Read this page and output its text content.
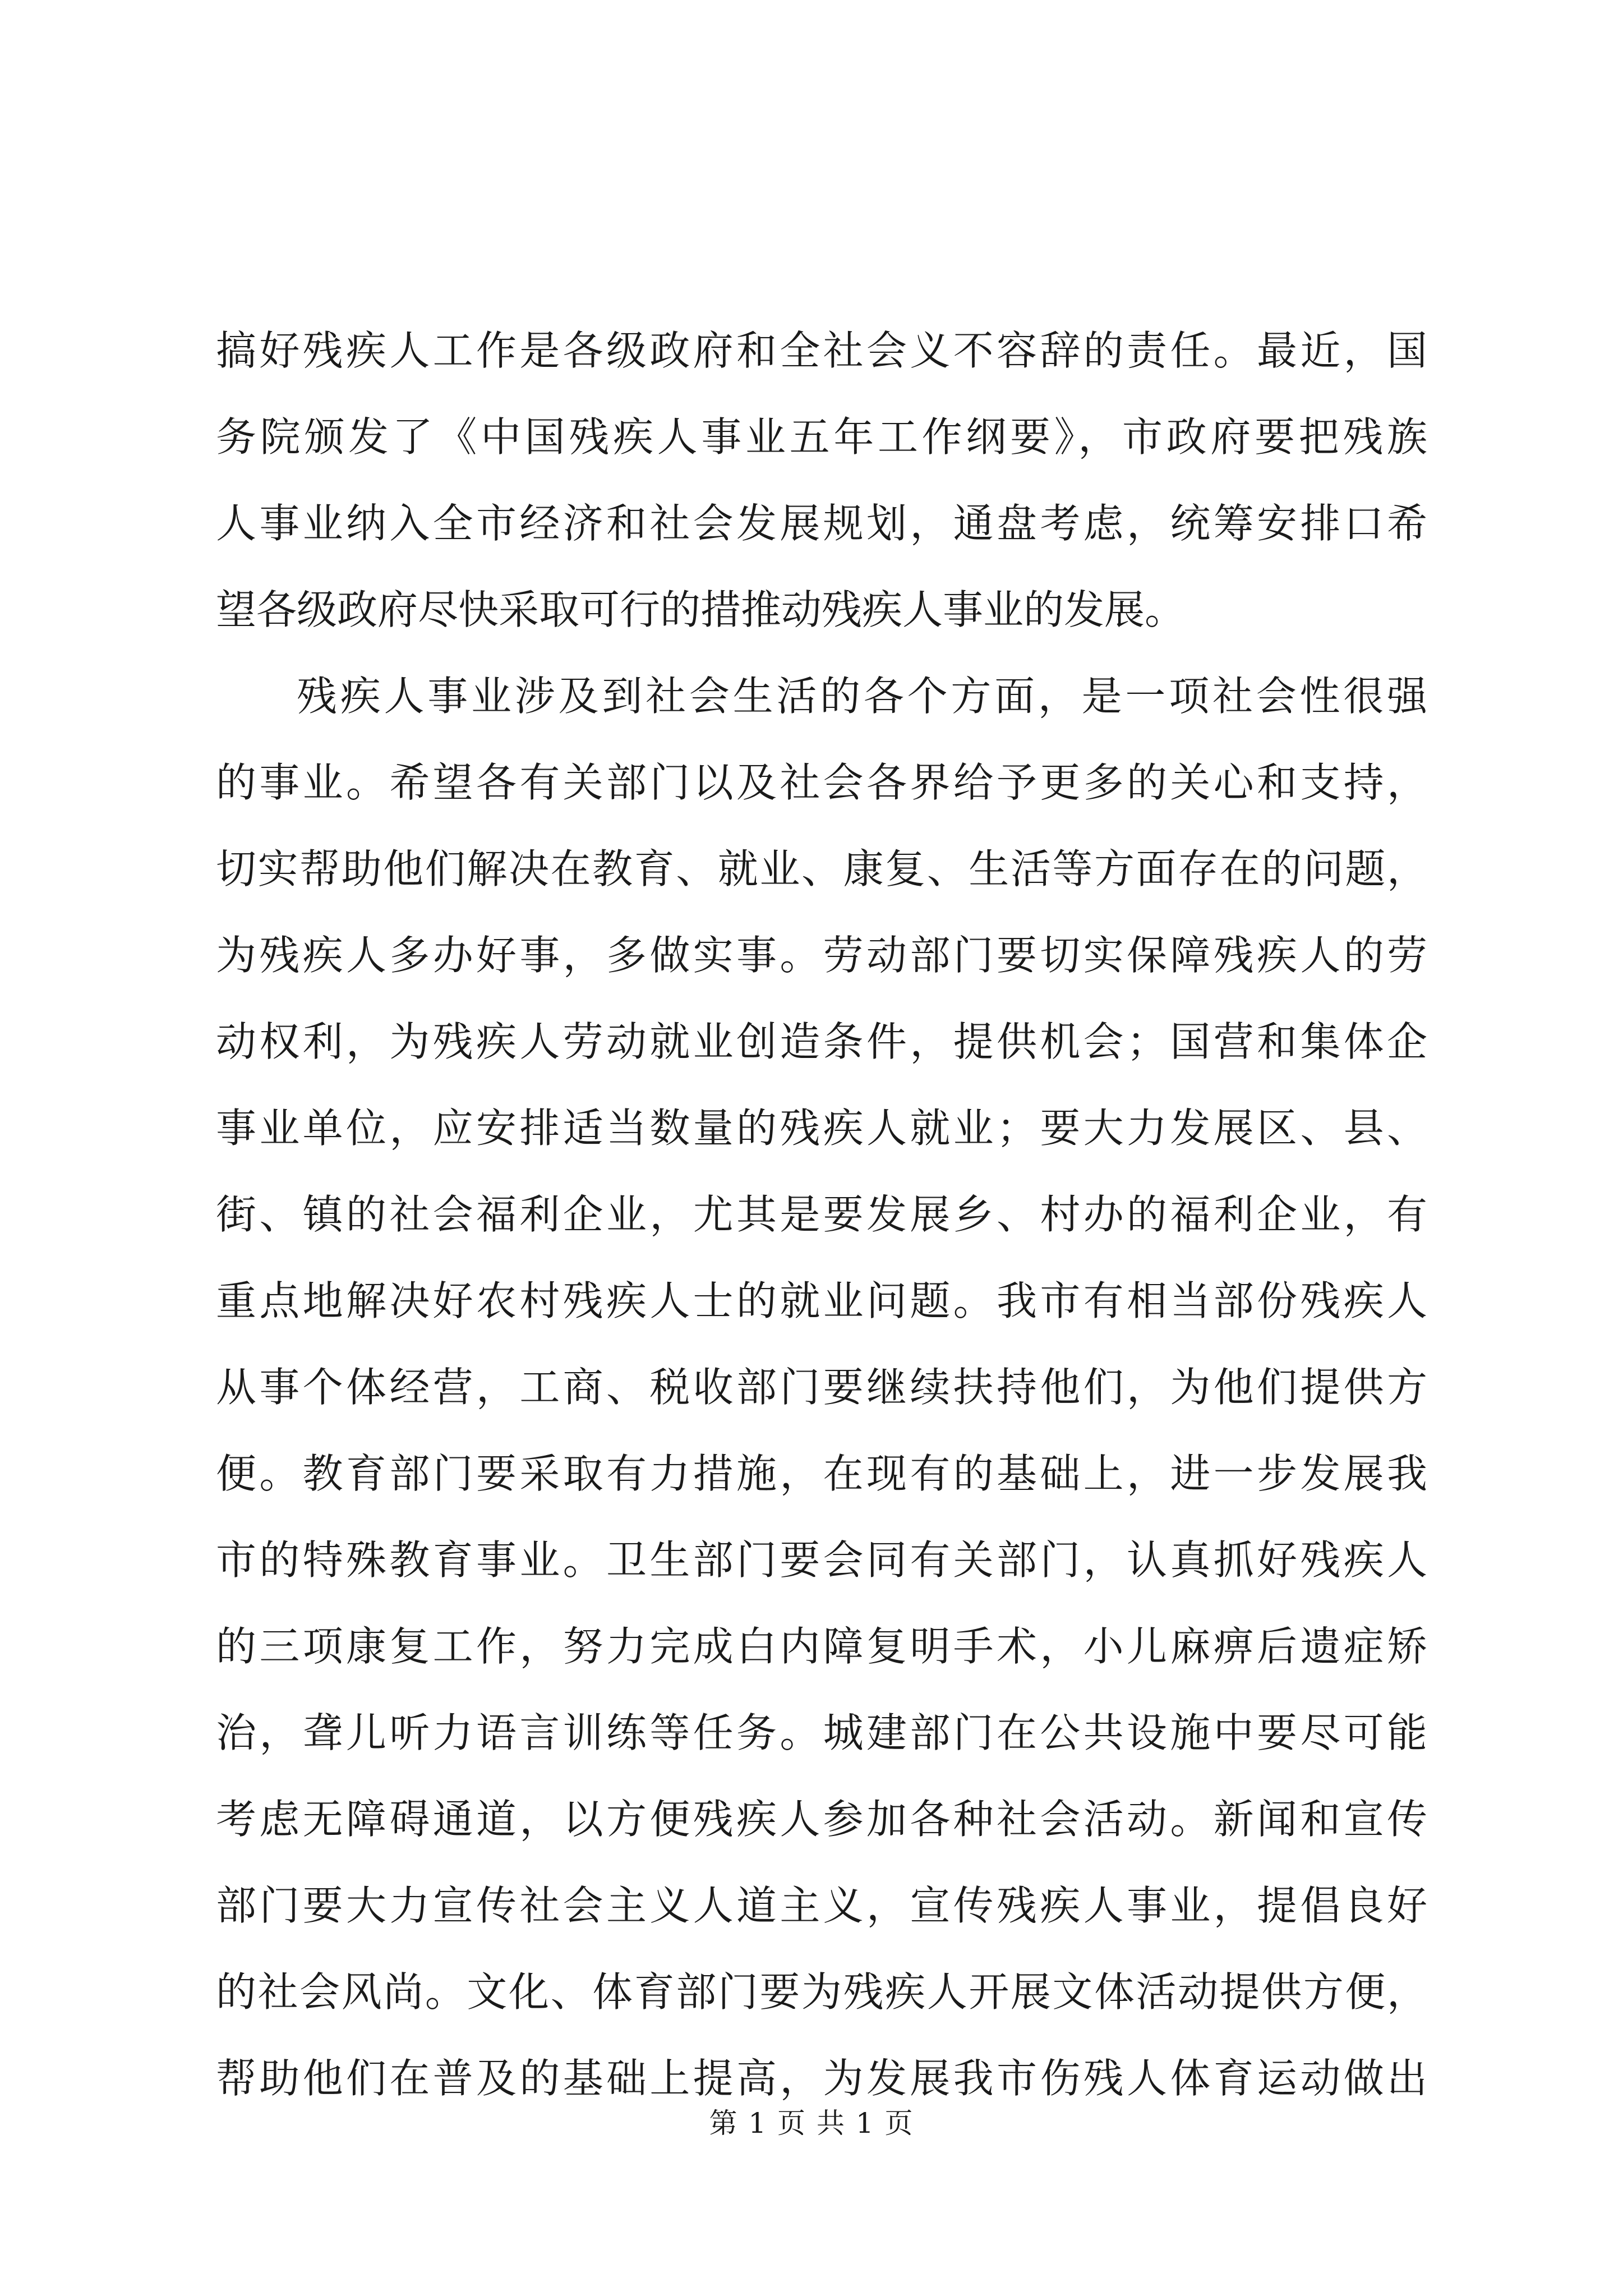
搞好残疾人工作是各级政府和全社会义不容辞的责任。最近，国
务院颁发了《中国残疾人事业五年工作纲要》，市政府要把残族
人事业纳入全市经济和社会发展规划，通盘考虑，统筹安排口希
望各级政府尽快采取可行的措推动残疾人事业的发展。
残疾人事业涉及到社会生活的各个方面，是一项社会性很强
的事业。希望各有关部门以及社会各界给予更多的关心和支持，
切实帮助他们解决在教育、就业、康复、生活等方面存在的问题，
为残疾人多办好事，多做实事。劳动部门要切实保障残疾人的劳
动权利，为残疾人劳动就业创造条件，提供机会；国营和集体企
事业单位，应安排适当数量的残疾人就业；要大力发展区、县、
街、镇的社会福利企业，尤其是要发展乡、村办的福利企业，有
重点地解决好农村残疾人士的就业问题。我市有相当部份残疾人
从事个体经营，工商、税收部门要继续扶持他们，为他们提供方
便。教育部门要采取有力措施，在现有的基础上，进一步发展我
市的特殊教育事业。卫生部门要会同有关部门，认真抓好残疾人
的三项康复工作，努力完成白内障复明手术，小儿麻痹后遗症矫
治，聋儿听力语言训练等任务。城建部门在公共设施中要尽可能
考虑无障碍通道，以方便残疾人参加各种社会活动。新闻和宣传
部门要大力宣传社会主义人道主义，宣传残疾人事业，提倡良好
的社会风尚。文化、体育部门要为残疾人开展文体活动提供方便，
帮助他们在普及的基础上提高，为发展我市伤残人体育运动做出
第 1 页 共 1 页
